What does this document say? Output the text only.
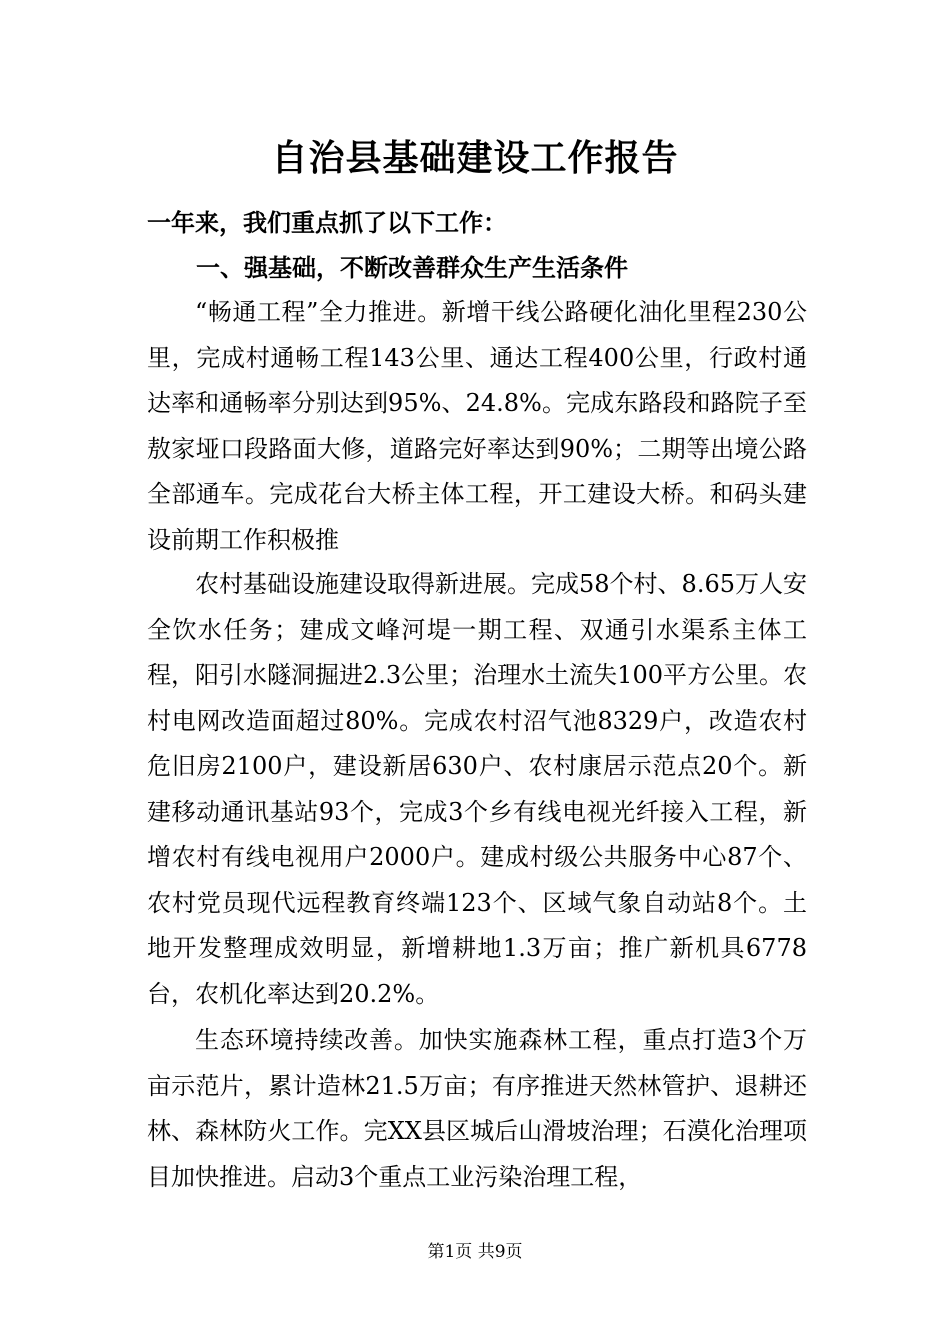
自治县基础建设工作报告
一年来，我们重点抓了以下工作：
一、强基础，不断改善群众生产生活条件

“畅通工程”全力推进。新增干线公路硬化油化里程230公里，完成村通畅工程143公里、通达工程400公里，行政村通达率和通畅率分别达到95%、24.8%。完成东路段和路院子至敖家垭口段路面大修，道路完好率达到90%；二期等出境公路全部通车。完成花台大桥主体工程，开工建设大桥。和码头建设前期工作积极推

农村基础设施建设取得新进展。完成58个村、8.65万人安全饮水任务；建成文峰河堤一期工程、双通引水渠系主体工程，阳引水隧洞掘进2.3公里；治理水土流失100平方公里。农村电网改造面超过80%。完成农村沼气池8329户，改造农村危旧房2100户，建设新居630户、农村康居示范点20个。新建移动通讯基站93个，完成3个乡有线电视光纤接入工程，新增农村有线电视用户2000户。建成村级公共服务中心87个、农村党员现代远程教育终端123个、区域气象自动站8个。土地开发整理成效明显，新增耕地1.3万亩；推广新机具6778台，农机化率达到20.2%。

生态环境持续改善。加快实施森林工程，重点打造3个万亩示范片，累计造林21.5万亩；有序推进天然林管护、退耕还林、森林防火工作。完XX县区城后山滑坡治理；石漠化治理项目加快推进。启动3个重点工业污染治理工程，

第1页 共9页
